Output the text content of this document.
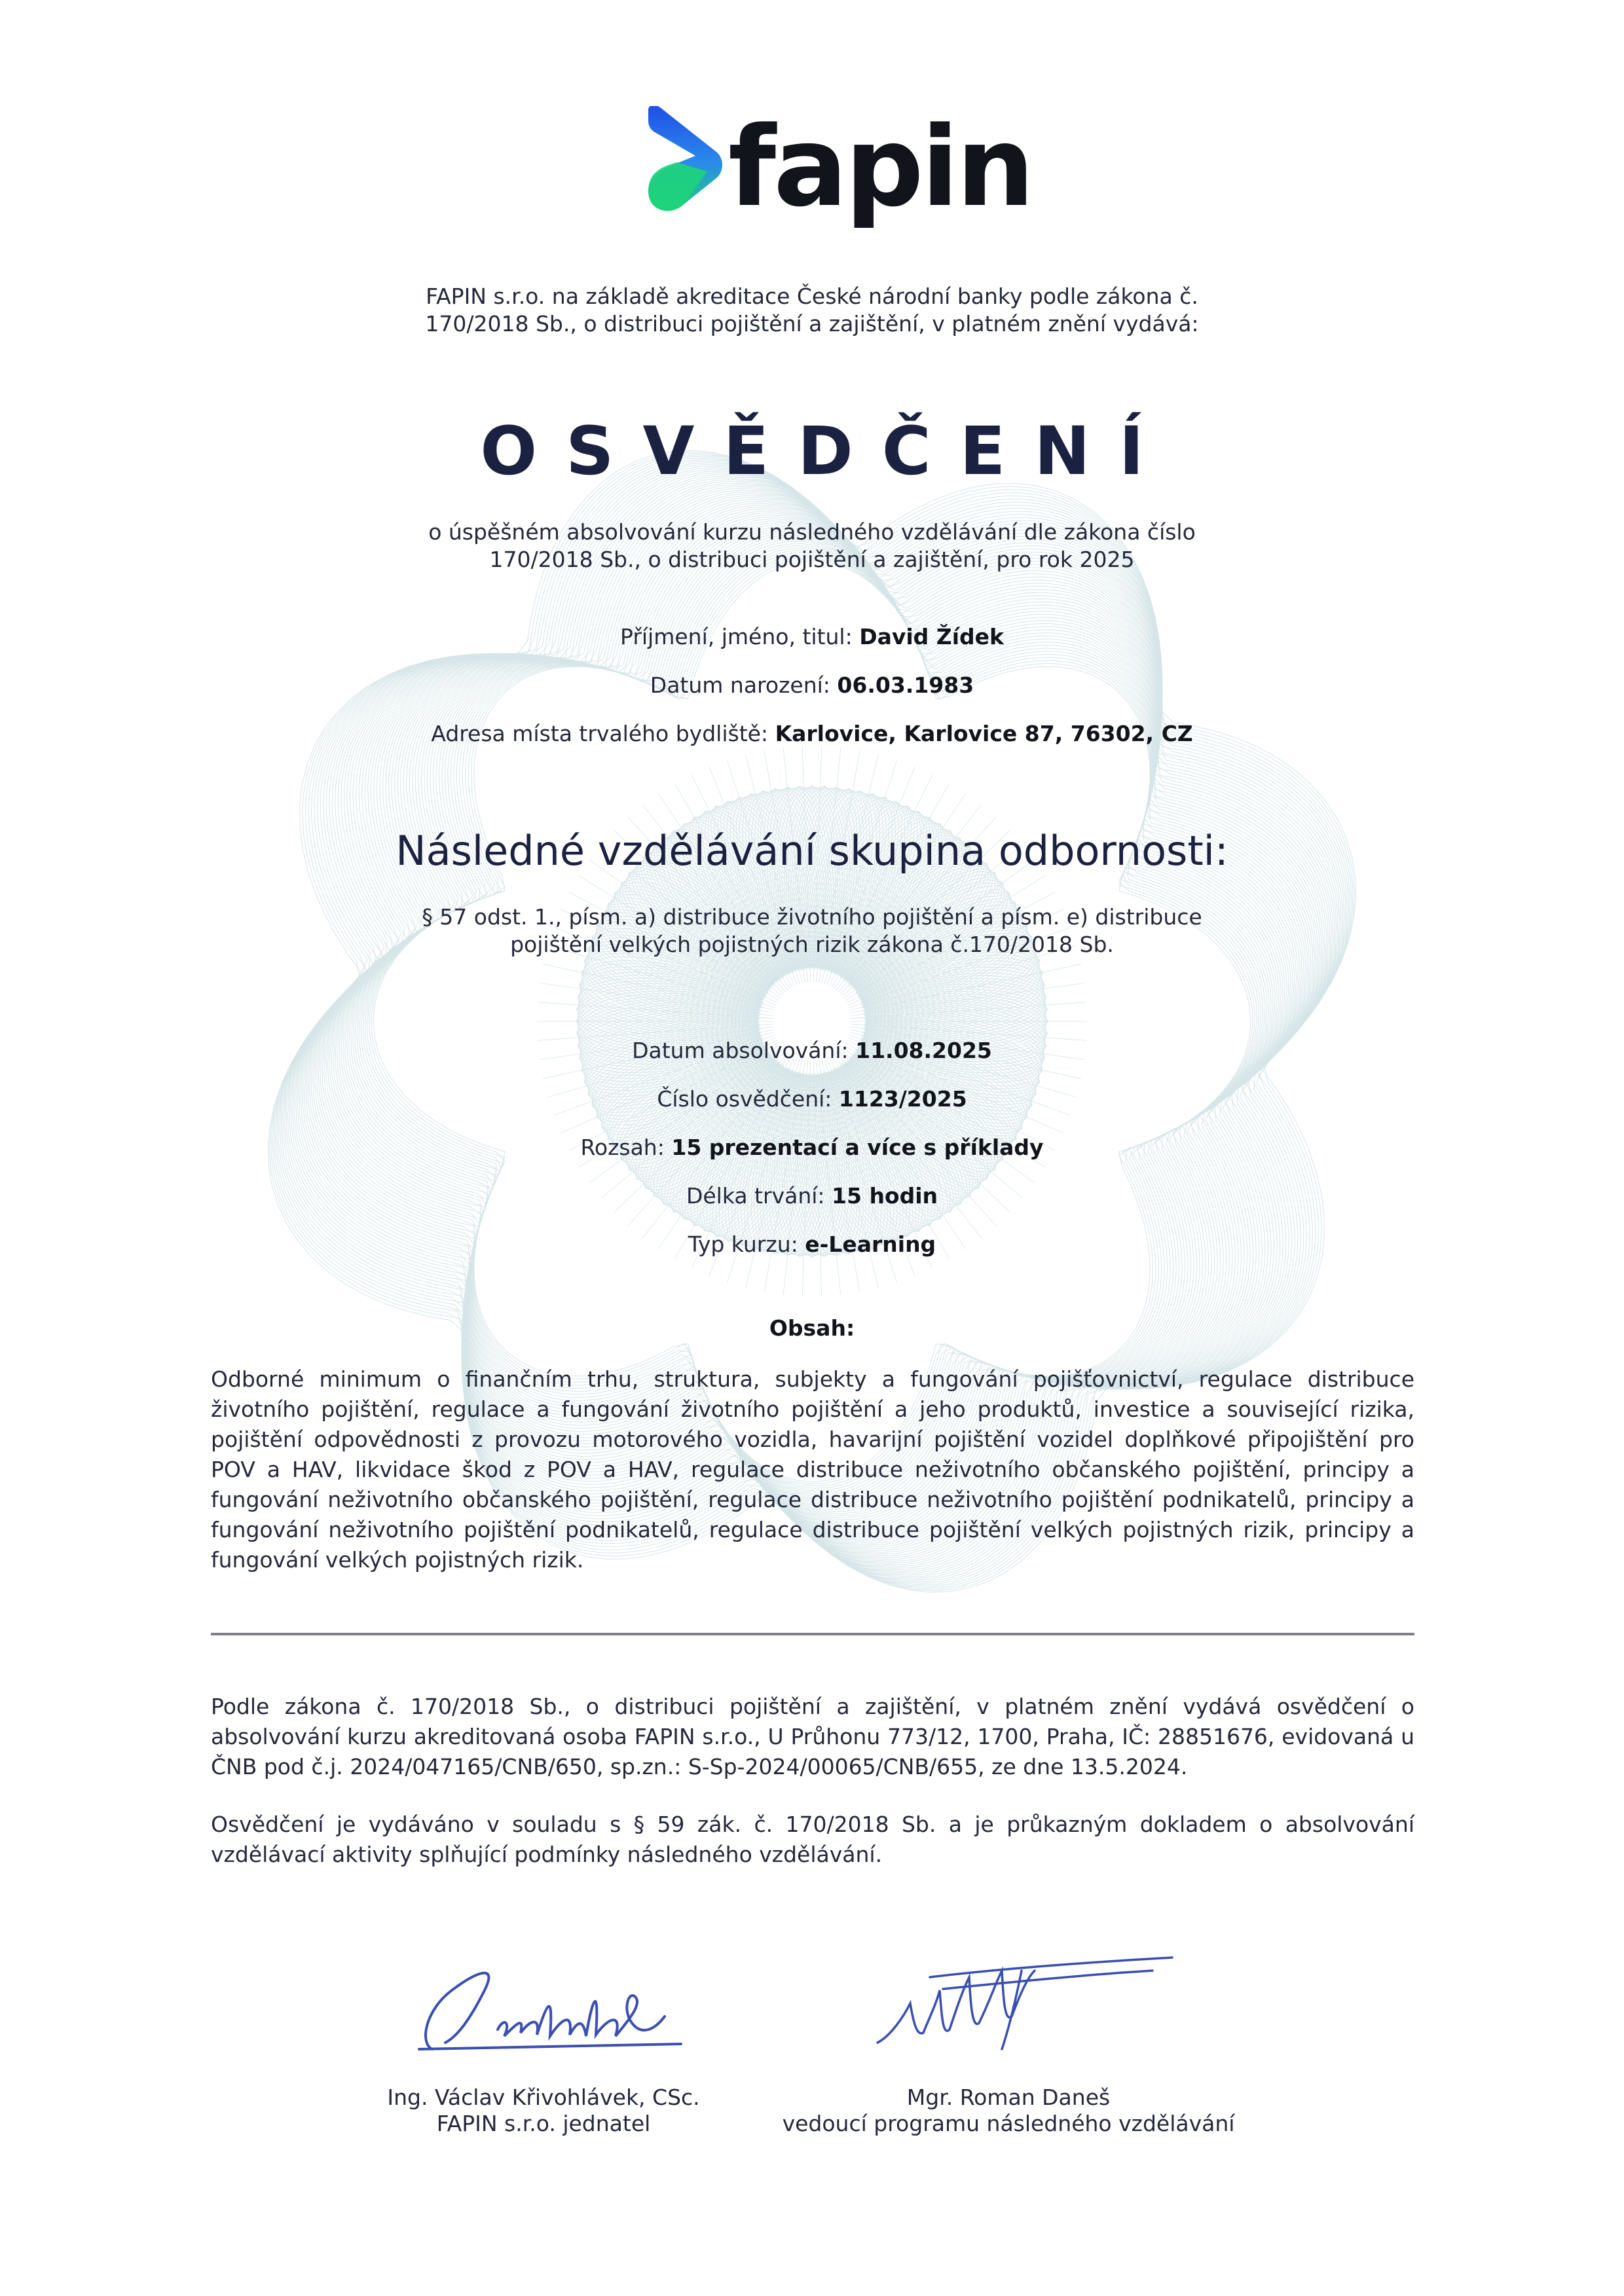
fapin
FAPIN s.r.o. na základě akreditace České národní banky podle zákona č.
170/2018 Sb., o distribuci pojištění a zajištění, v platném znění vydává:
OSVĚDČENÍ
o úspěšném absolvování kurzu následného vzdělávání dle zákona číslo
170/2018 Sb., o distribuci pojištění a zajištění, pro rok 2025
Příjmení, jméno, titul: David Žídek
Datum narození: 06.03.1983
Adresa místa trvalého bydliště: Karlovice, Karlovice 87, 76302, CZ
Následné vzdělávání skupina odbornosti:
§ 57 odst. 1., písm. a) distribuce životního pojištění a písm. e) distribuce
pojištění velkých pojistných rizik zákona č.170/2018 Sb.
Datum absolvování: 11.08.2025
Číslo osvědčení: 1123/2025
Rozsah: 15 prezentací a více s příklady
Délka trvání: 15 hodin
Typ kurzu: e-Learning
Obsah:
Odborné minimum o finančním trhu, struktura, subjekty a fungování pojišťovnictví, regulace distribuce životního pojištění, regulace a fungování životního pojištění a jeho produktů, investice a související rizika, pojištění odpovědnosti z provozu motorového vozidla, havarijní pojištění vozidel doplňkové připojištění pro POV a HAV, likvidace škod z POV a HAV, regulace distribuce neživotního občanského pojištění, principy a fungování neživotního občanského pojištění, regulace distribuce neživotního pojištění podnikatelů, principy a fungování neživotního pojištění podnikatelů, regulace distribuce pojištění velkých pojistných rizik, principy a fungování velkých pojistných rizik.
Podle zákona č. 170/2018 Sb., o distribuci pojištění a zajištění, v platném znění vydává osvědčení o absolvování kurzu akreditovaná osoba FAPIN s.r.o., U Průhonu 773/12, 1700, Praha, IČ: 28851676, evidovaná u ČNB pod č.j. 2024/047165/CNB/650, sp.zn.: S-Sp-2024/00065/CNB/655, ze dne 13.5.2024.
Osvědčení je vydáváno v souladu s § 59 zák. č. 170/2018 Sb. a je průkazným dokladem o absolvování vzdělávací aktivity splňující podmínky následného vzdělávání.
Ing. Václav Křivohlávek, CSc.
FAPIN s.r.o. jednatel
Mgr. Roman Daneš
vedoucí programu následného vzdělávání
